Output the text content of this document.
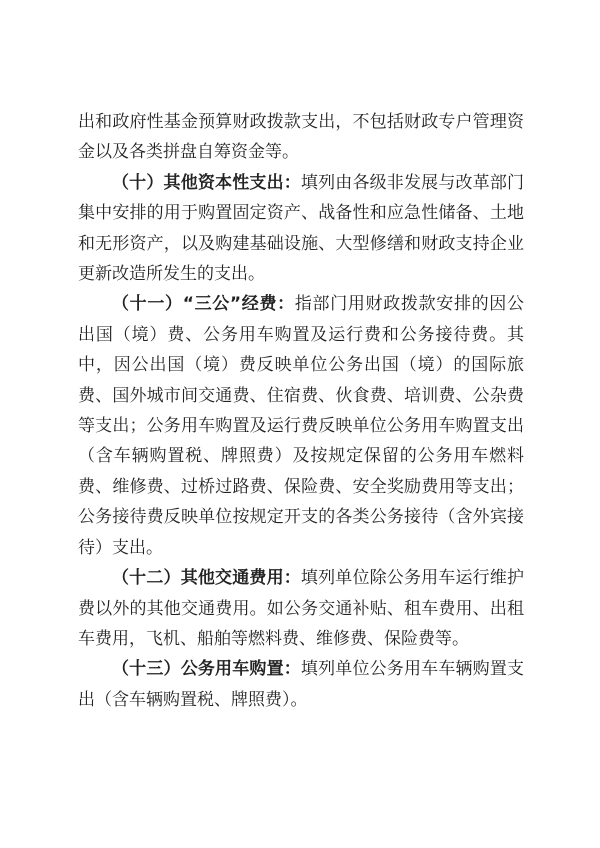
出和政府性基金预算财政拨款支出，不包括财政专户管理资金以及各类拼盘自筹资金等。

（十）其他资本性支出：填列由各级非发展与改革部门集中安排的用于购置固定资产、战备性和应急性储备、土地和无形资产，以及购建基础设施、大型修缮和财政支持企业更新改造所发生的支出。

（十一）“三公”经费：指部门用财政拨款安排的因公出国（境）费、公务用车购置及运行费和公务接待费。其中，因公出国（境）费反映单位公务出国（境）的国际旅费、国外城市间交通费、住宿费、伙食费、培训费、公杂费等支出；公务用车购置及运行费反映单位公务用车购置支出（含车辆购置税、牌照费）及按规定保留的公务用车燃料费、维修费、过桥过路费、保险费、安全奖励费用等支出；公务接待费反映单位按规定开支的各类公务接待（含外宾接待）支出。

（十二）其他交通费用：填列单位除公务用车运行维护费以外的其他交通费用。如公务交通补贴、租车费用、出租车费用，飞机、船舶等燃料费、维修费、保险费等。

（十三）公务用车购置：填列单位公务用车车辆购置支出（含车辆购置税、牌照费）。
